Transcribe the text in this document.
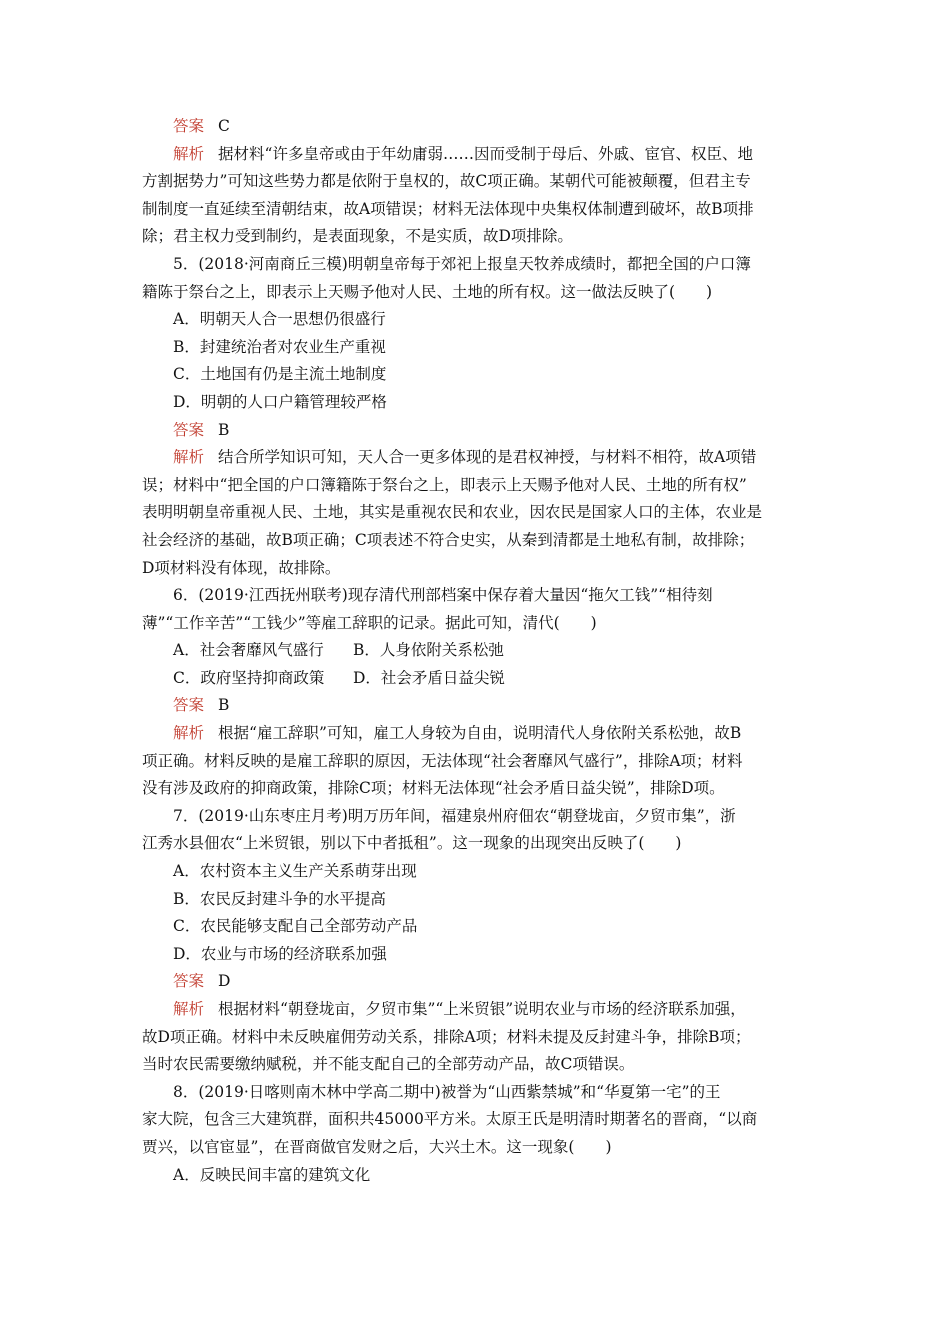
答案 C

解析 据材料“许多皇帝或由于年幼庸弱……因而受制于母后、外戚、宦官、权臣、地

方割据势力”可知这些势力都是依附于皇权的，故C项正确。某朝代可能被颠覆，但君主专

制制度一直延续至清朝结束，故A项错误；材料无法体现中央集权体制遭到破坏，故B项排

除；君主权力受到制约，是表面现象，不是实质，故D项排除。

5．(2018·河南商丘三模)明朝皇帝每于郊祀上报皇天牧养成绩时，都把全国的户口簿

籍陈于祭台之上，即表示上天赐予他对人民、土地的所有权。这一做法反映了(　　)

A．明朝天人合一思想仍很盛行

B．封建统治者对农业生产重视

C．土地国有仍是主流土地制度

D．明朝的人口户籍管理较严格

答案 B

解析 结合所学知识可知，天人合一更多体现的是君权神授，与材料不相符，故A项错

误；材料中“把全国的户口簿籍陈于祭台之上，即表示上天赐予他对人民、土地的所有权”

表明明朝皇帝重视人民、土地，其实是重视农民和农业，因农民是国家人口的主体，农业是

社会经济的基础，故B项正确；C项表述不符合史实，从秦到清都是土地私有制，故排除；

D项材料没有体现，故排除。

6．(2019·江西抚州联考)现存清代刑部档案中保存着大量因“拖欠工钱”“相待刻

薄”“工作辛苦”“工钱少”等雇工辞职的记录。据此可知，清代(　　)

A．社会奢靡风气盛行	B．人身依附关系松弛
C．政府坚持抑商政策	D．社会矛盾日益尖锐

答案 B

解析 根据“雇工辞职”可知，雇工人身较为自由，说明清代人身依附关系松弛，故B

项正确。材料反映的是雇工辞职的原因，无法体现“社会奢靡风气盛行”，排除A项；材料

没有涉及政府的抑商政策，排除C项；材料无法体现“社会矛盾日益尖锐”，排除D项。

7．(2019·山东枣庄月考)明万历年间，福建泉州府佃农“朝登垅亩，夕贸市集”，浙

江秀水县佃农“上米贸银，别以下中者抵租”。这一现象的出现突出反映了(　　)

A．农村资本主义生产关系萌芽出现

B．农民反封建斗争的水平提高

C．农民能够支配自己全部劳动产品

D．农业与市场的经济联系加强

答案 D

解析 根据材料“朝登垅亩，夕贸市集”“上米贸银”说明农业与市场的经济联系加强，

故D项正确。材料中未反映雇佣劳动关系，排除A项；材料未提及反封建斗争，排除B项；

当时农民需要缴纳赋税，并不能支配自己的全部劳动产品，故C项错误。

8．(2019·日喀则南木林中学高二期中)被誉为“山西紫禁城”和“华夏第一宅”的王

家大院，包含三大建筑群，面积共45000平方米。太原王氏是明清时期著名的晋商，“以商

贾兴，以官宦显”，在晋商做官发财之后，大兴土木。这一现象(　　)

A．反映民间丰富的建筑文化
